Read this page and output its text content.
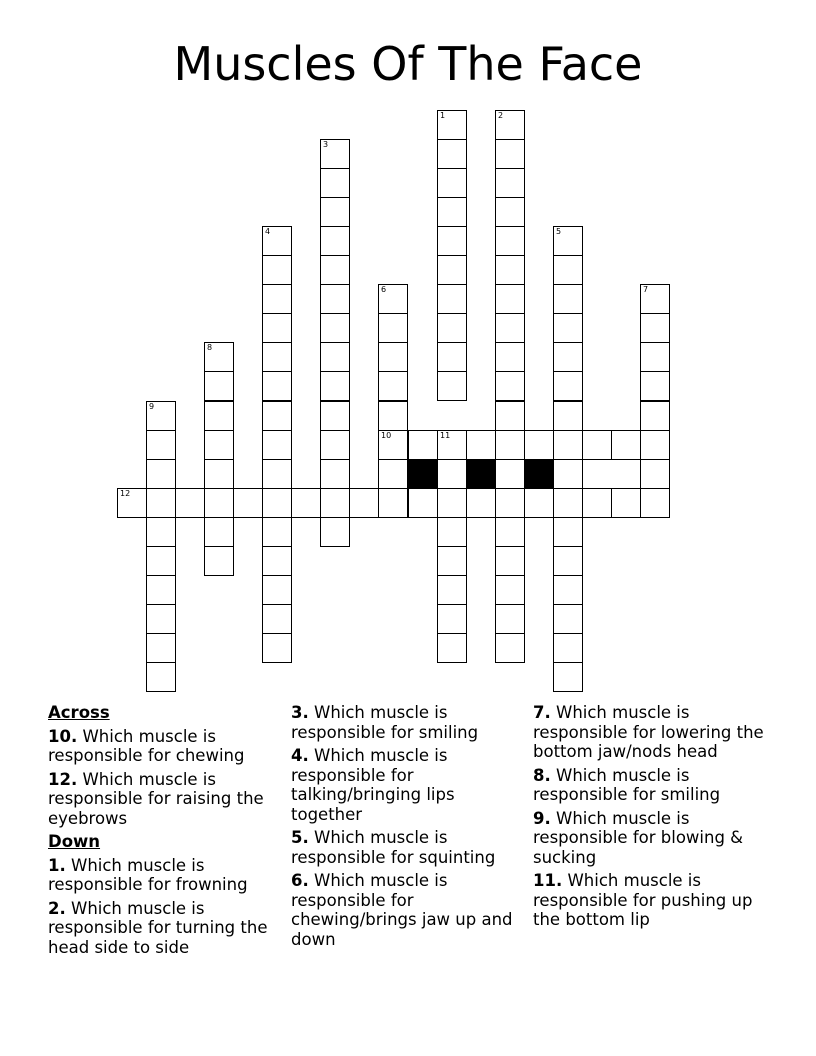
Muscles Of The Face
1	2
3
4	5
6
10
7
8
9
11
12
Across
10. Which muscle is responsible for chewing
12. Which muscle is responsible for raising the eyebrows
Down
1. Which muscle is responsible for frowning
2. Which muscle is responsible for turning the head side to side
3. Which muscle is responsible for smiling
4. Which muscle is responsible for talking/bringing lips together
5. Which muscle is responsible for squinting
6. Which muscle is responsible for chewing/brings jaw up and down
7. Which muscle is responsible for lowering the bottom jaw/nods head
8. Which muscle is responsible for smiling
9. Which muscle is responsible for blowing & sucking
11. Which muscle is responsible for pushing up the bottom lip
